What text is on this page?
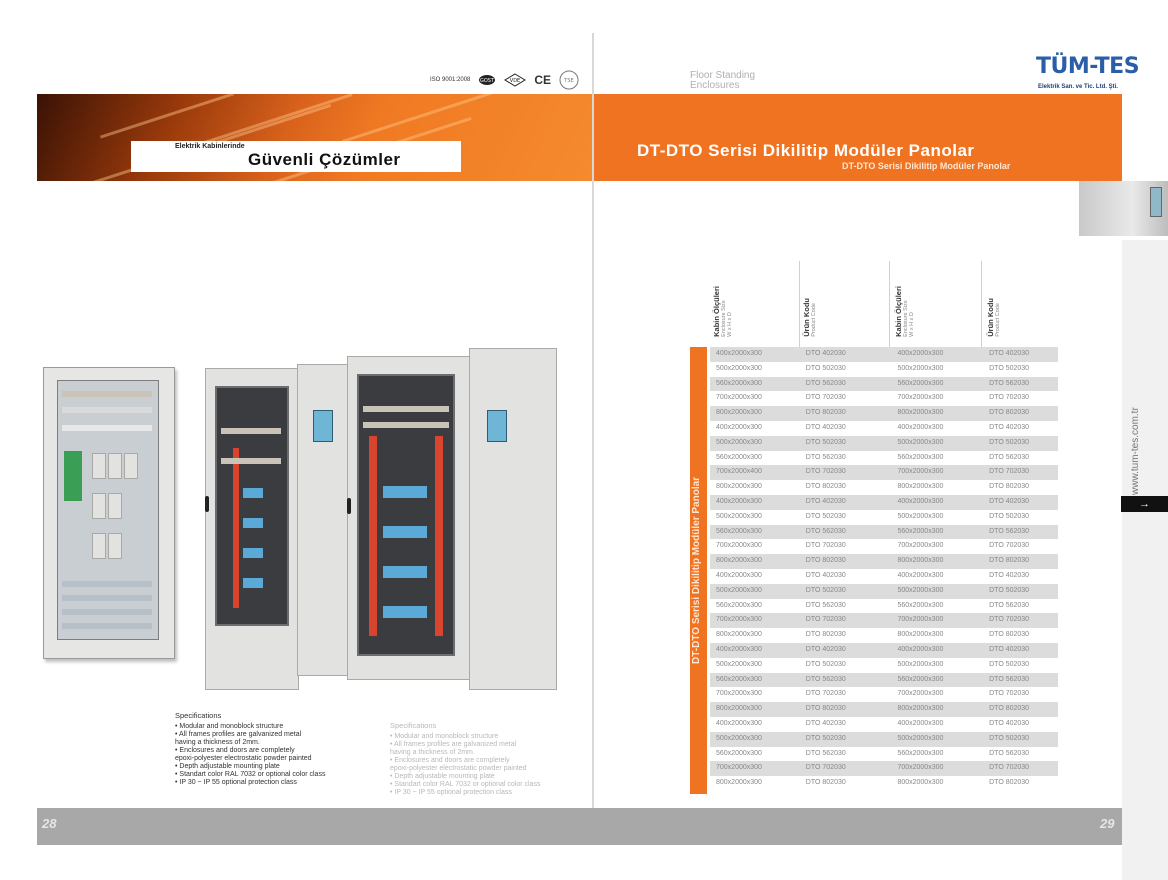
ISO 9001:2008 GOST	VDE CE	TSE
Elektrik Kabinlerinde
Güvenli Çözümler
Specifications
• Modular and monoblock structure
• All frames profiles are galvanized metal
having a thickness of 2mm.
• Enclosures and doors are completely
epoxi-polyester electrostatic powder painted
• Depth adjustable mounting plate
• Standart color RAL 7032 or optional color class
• IP 30 ~ IP 55 optional protection class
Specifications
• Modular and monoblock structure
• All frames profiles are galvanized metal
having a thickness of 2mm.
• Enclosures and doors are completely
epoxi-polyester electrostatic powder painted
• Depth adjustable mounting plate
• Standart color RAL 7032 or optional color class
• IP 30 ~ IP 55 optional protection class
Floor Standing
Enclosures
TÜM-TES
Elektrik San. ve Tic. Ltd. Şti.
DT-DTO Serisi Dikilitip Modüler Panolar
DT-DTO Serisi Dikilitip Modüler Panolar
www.tum-tes.com.tr
→
DT-DTO Serisi Dikilitip Modüler Panolar
Kabin Ölçüleri Enclosure Size W x H x D	Ürün Kodu Product Code	Kabin Ölçüleri Enclosure Size W x H x D	Ürün Kodu Product Code
400x2000x300	DTO 402030	400x2000x300	DTO 402030
500x2000x300	DTO 502030	500x2000x300	DTO 502030
560x2000x300	DTO 562030	560x2000x300	DTO 562030
700x2000x300	DTO 702030	700x2000x300	DTO 702030
800x2000x300	DTO 802030	800x2000x300	DTO 802030
400x2000x300	DTO 402030	400x2000x300	DTO 402030
500x2000x300	DTO 502030	500x2000x300	DTO 502030
560x2000x300	DTO 562030	560x2000x300	DTO 562030
700x2000x400	DTO 702030	700x2000x300	DTO 702030
800x2000x300	DTO 802030	800x2000x300	DTO 802030
400x2000x300	DTO 402030	400x2000x300	DTO 402030
500x2000x300	DTO 502030	500x2000x300	DTO 502030
560x2000x300	DTO 562030	560x2000x300	DTO 562030
700x2000x300	DTO 702030	700x2000x300	DTO 702030
800x2000x300	DTO 802030	800x2000x300	DTO 802030
400x2000x300	DTO 402030	400x2000x300	DTO 402030
500x2000x300	DTO 502030	500x2000x300	DTO 502030
560x2000x300	DTO 562030	560x2000x300	DTO 562030
700x2000x300	DTO 702030	700x2000x300	DTO 702030
800x2000x300	DTO 802030	800x2000x300	DTO 802030
400x2000x300	DTO 402030	400x2000x300	DTO 402030
500x2000x300	DTO 502030	500x2000x300	DTO 502030
560x2000x300	DTO 562030	560x2000x300	DTO 562030
700x2000x300	DTO 702030	700x2000x300	DTO 702030
800x2000x300	DTO 802030	800x2000x300	DTO 802030
400x2000x300	DTO 402030	400x2000x300	DTO 402030
500x2000x300	DTO 502030	500x2000x300	DTO 502030
560x2000x300	DTO 562030	560x2000x300	DTO 562030
700x2000x300	DTO 702030	700x2000x300	DTO 702030
800x2000x300	DTO 802030	800x2000x300	DTO 802030
28	29
